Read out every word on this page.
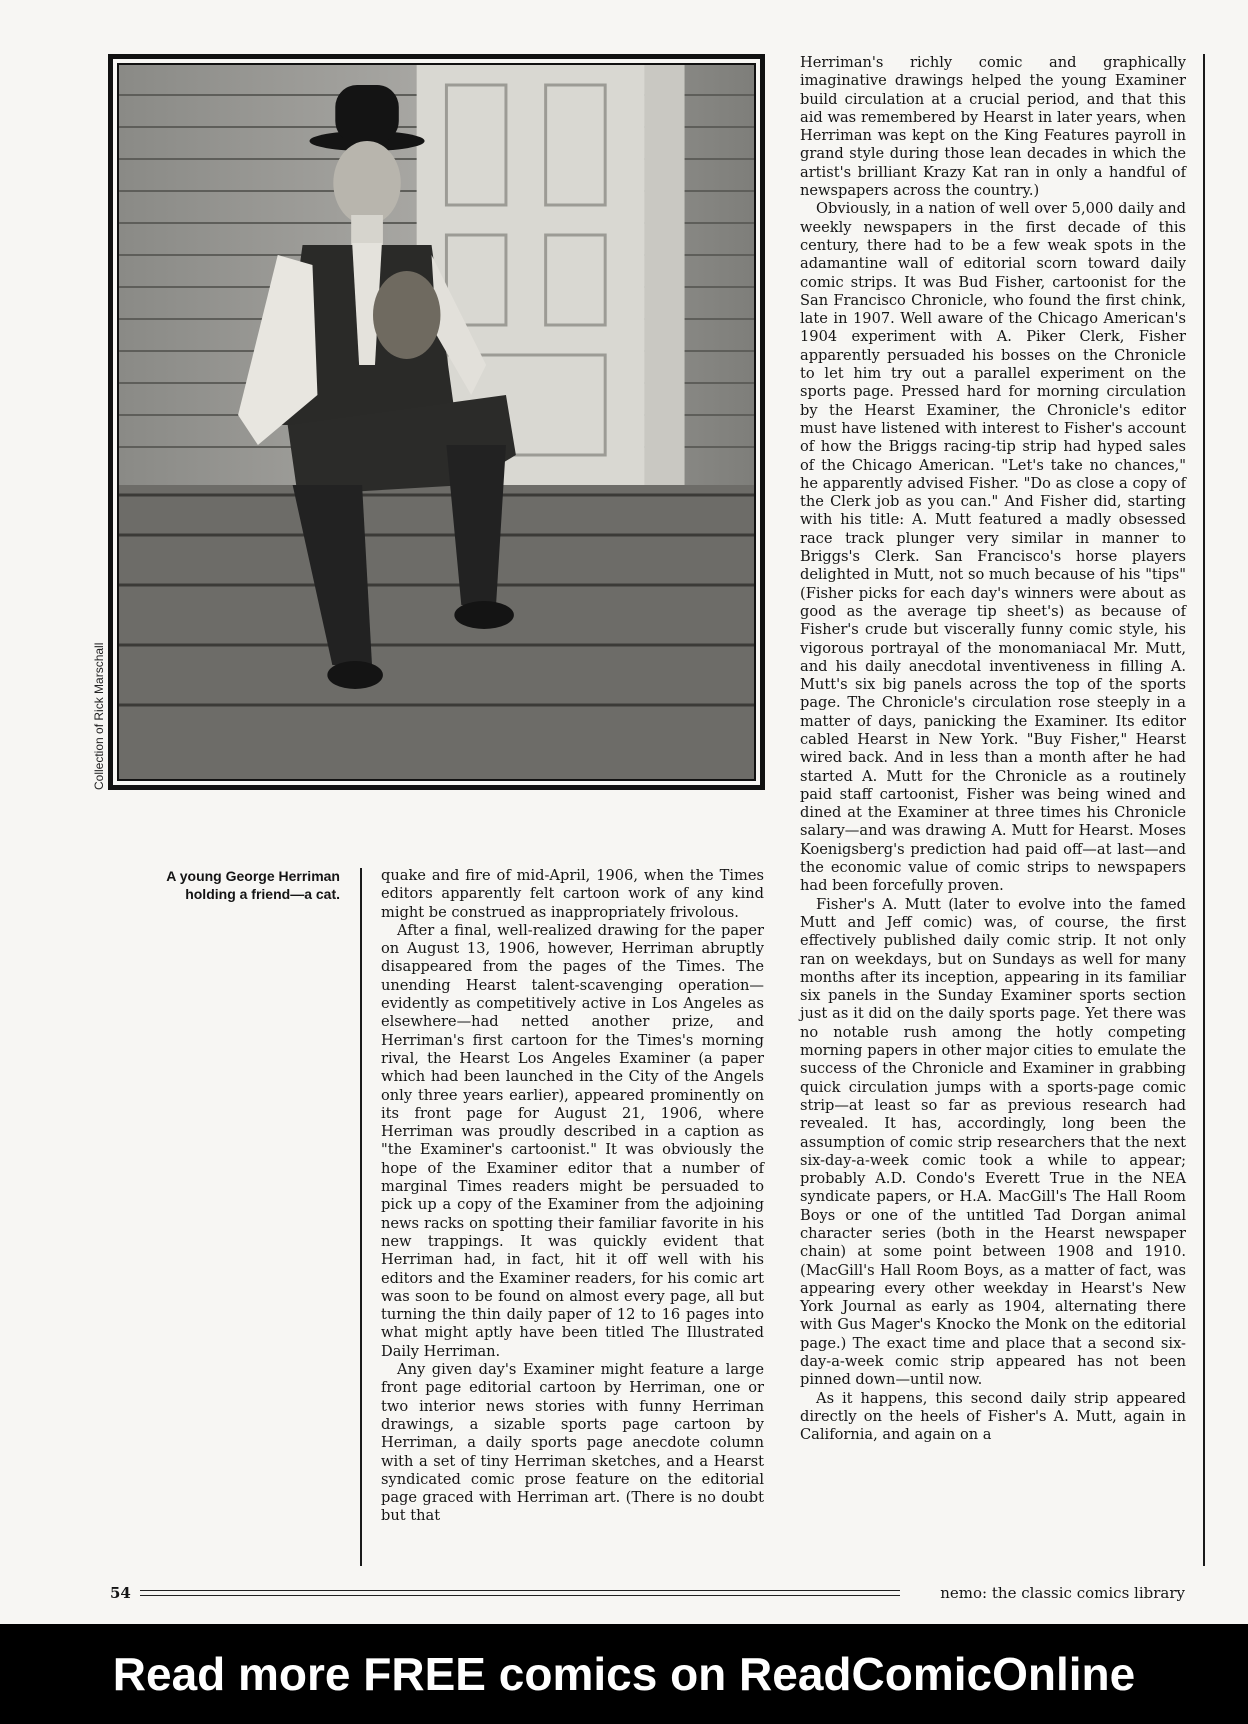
Collection of Rick Marschall
A young George Herriman holding a friend—a cat.

quake and fire of mid-April, 1906, when the Times editors apparently felt cartoon work of any kind might be construed as inappropriately frivolous.

After a final, well-realized drawing for the paper on August 13, 1906, however, Herriman abruptly disappeared from the pages of the Times. The unending Hearst talent-scavenging operation—evidently as competitively active in Los Angeles as elsewhere—had netted another prize, and Herriman's first cartoon for the Times's morning rival, the Hearst Los Angeles Examiner (a paper which had been launched in the City of the Angels only three years earlier), appeared prominently on its front page for August 21, 1906, where Herriman was proudly described in a caption as "the Examiner's cartoonist." It was obviously the hope of the Examiner editor that a number of marginal Times readers might be persuaded to pick up a copy of the Examiner from the adjoining news racks on spotting their familiar favorite in his new trappings. It was quickly evident that Herriman had, in fact, hit it off well with his editors and the Examiner readers, for his comic art was soon to be found on almost every page, all but turning the thin daily paper of 12 to 16 pages into what might aptly have been titled The Illustrated Daily Herriman.

Any given day's Examiner might feature a large front page editorial cartoon by Herriman, one or two interior news stories with funny Herriman drawings, a sizable sports page cartoon by Herriman, a daily sports page anecdote column with a set of tiny Herriman sketches, and a Hearst syndicated comic prose feature on the editorial page graced with Herriman art. (There is no doubt but that

Herriman's richly comic and graphically imaginative drawings helped the young Examiner build circulation at a crucial period, and that this aid was remembered by Hearst in later years, when Herriman was kept on the King Features payroll in grand style during those lean decades in which the artist's brilliant Krazy Kat ran in only a handful of newspapers across the country.)

Obviously, in a nation of well over 5,000 daily and weekly newspapers in the first decade of this century, there had to be a few weak spots in the adamantine wall of editorial scorn toward daily comic strips. It was Bud Fisher, cartoonist for the San Francisco Chronicle, who found the first chink, late in 1907. Well aware of the Chicago American's 1904 experiment with A. Piker Clerk, Fisher apparently persuaded his bosses on the Chronicle to let him try out a parallel experiment on the sports page. Pressed hard for morning circulation by the Hearst Examiner, the Chronicle's editor must have listened with interest to Fisher's account of how the Briggs racing-tip strip had hyped sales of the Chicago American. "Let's take no chances," he apparently advised Fisher. "Do as close a copy of the Clerk job as you can." And Fisher did, starting with his title: A. Mutt featured a madly obsessed race track plunger very similar in manner to Briggs's Clerk. San Francisco's horse players delighted in Mutt, not so much because of his "tips" (Fisher picks for each day's winners were about as good as the average tip sheet's) as because of Fisher's crude but viscerally funny comic style, his vigorous portrayal of the monomaniacal Mr. Mutt, and his daily anecdotal inventiveness in filling A. Mutt's six big panels across the top of the sports page. The Chronicle's circulation rose steeply in a matter of days, panicking the Examiner. Its editor cabled Hearst in New York. "Buy Fisher," Hearst wired back. And in less than a month after he had started A. Mutt for the Chronicle as a routinely paid staff cartoonist, Fisher was being wined and dined at the Examiner at three times his Chronicle salary—and was drawing A. Mutt for Hearst. Moses Koenigsberg's prediction had paid off—at last—and the economic value of comic strips to newspapers had been forcefully proven.

Fisher's A. Mutt (later to evolve into the famed Mutt and Jeff comic) was, of course, the first effectively published daily comic strip. It not only ran on weekdays, but on Sundays as well for many months after its inception, appearing in its familiar six panels in the Sunday Examiner sports section just as it did on the daily sports page. Yet there was no notable rush among the hotly competing morning papers in other major cities to emulate the success of the Chronicle and Examiner in grabbing quick circulation jumps with a sports-page comic strip—at least so far as previous research had revealed. It has, accordingly, long been the assumption of comic strip researchers that the next six-day-a-week comic took a while to appear; probably A.D. Condo's Everett True in the NEA syndicate papers, or H.A. MacGill's The Hall Room Boys or one of the untitled Tad Dorgan animal character series (both in the Hearst newspaper chain) at some point between 1908 and 1910. (MacGill's Hall Room Boys, as a matter of fact, was appearing every other weekday in Hearst's New York Journal as early as 1904, alternating there with Gus Mager's Knocko the Monk on the editorial page.) The exact time and place that a second six-day-a-week comic strip appeared has not been pinned down—until now.

As it happens, this second daily strip appeared directly on the heels of Fisher's A. Mutt, again in California, and again on a

54	nemo: the classic comics library
Read more FREE comics on ReadComicOnline
